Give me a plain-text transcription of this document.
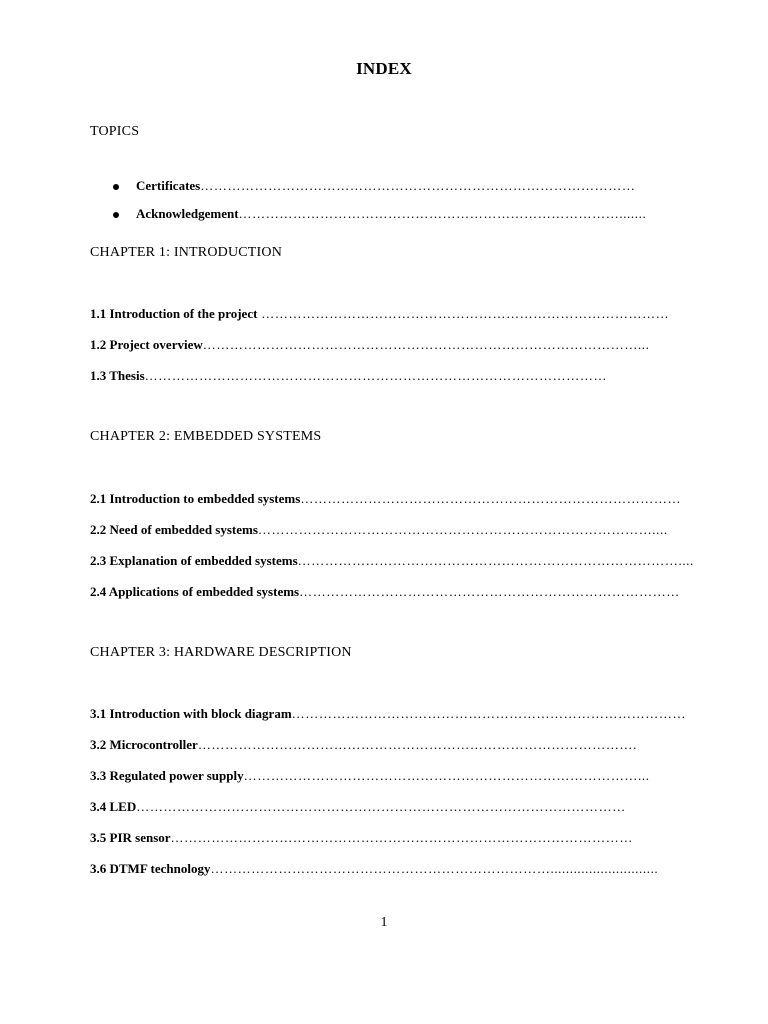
INDEX
TOPICS
Certificates……………………………………………………………………………………
Acknowledgement………………………………………………………………………….......
CHAPTER 1: INTRODUCTION
1.1 Introduction of the project ………………………………………………………………………………
1.2 Project overview……………………………………………………………………………………...
1.3 Thesis…………………………………………………………………………………………
CHAPTER 2: EMBEDDED SYSTEMS
2.1 Introduction to embedded systems…………………………………………………………………………
2.2 Need of embedded systems……………………………………………………………………………....
2.3 Explanation of embedded systems…………………………………………………………………………....
2.4 Applications of embedded systems…………………………………………………………………………
CHAPTER 3: HARDWARE DESCRIPTION
3.1 Introduction with block diagram……………………………………………………………………………
3.2 Microcontroller…………………………………………………………………………………….
3.3 Regulated power supply……………………………………………………………………………...
3.4 LED………………………………………………………………………………………………
3.5 PIR sensor…………………………………………………………………………………………
3.6 DTMF technology…………………………………………………………………............................
1
